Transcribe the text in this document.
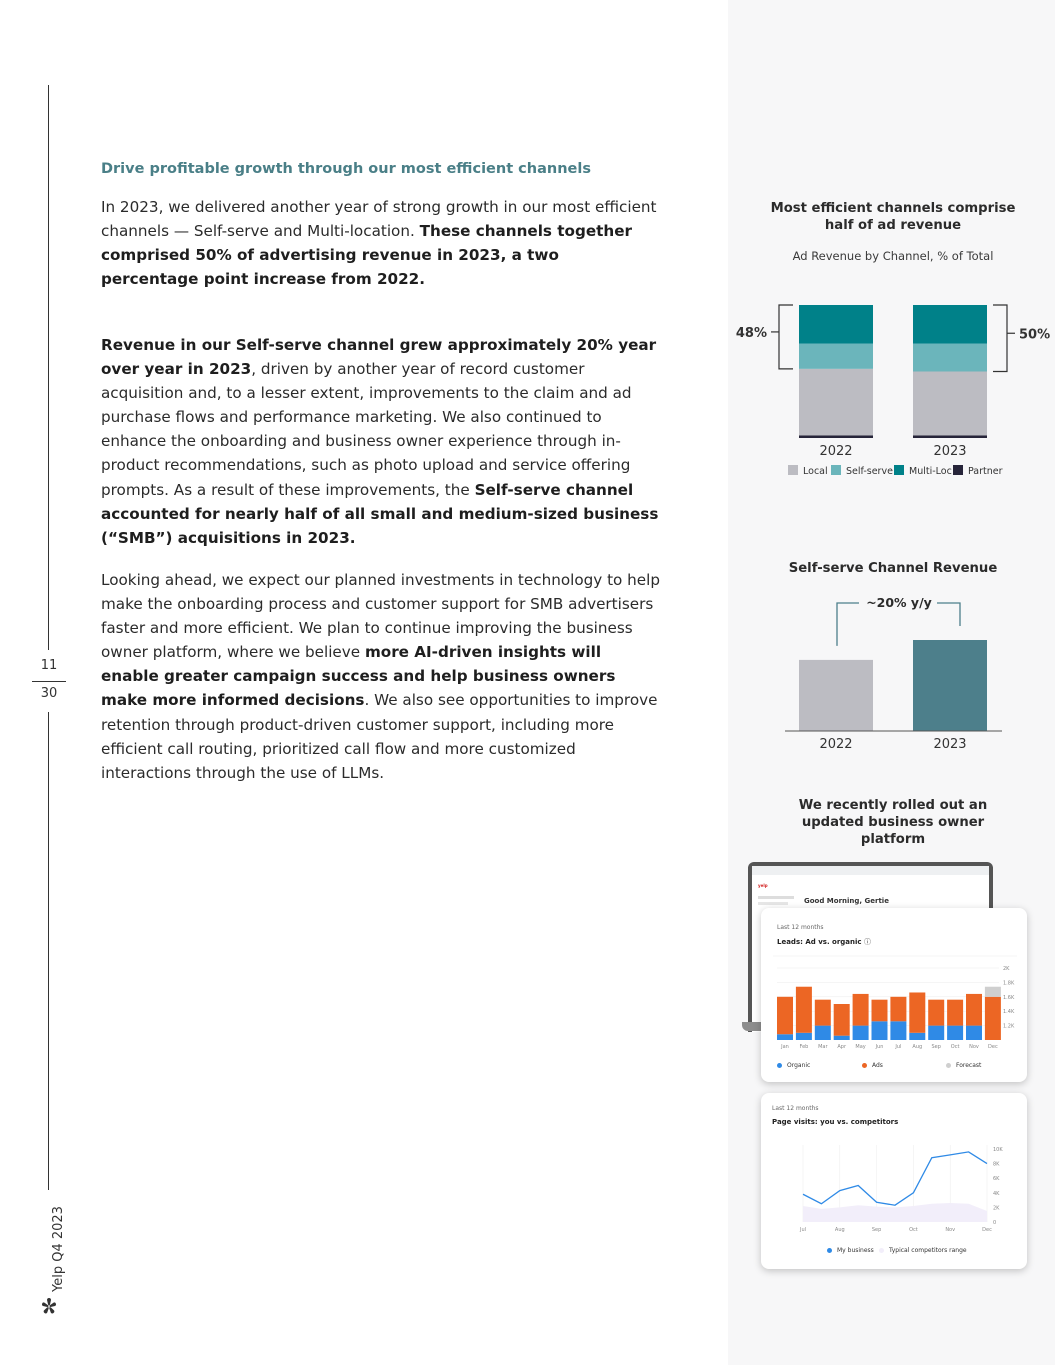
11
30
Yelp Q4 2023
Drive profitable growth through our most efficient channels

In 2023, we delivered another year of strong growth in our most efficient channels — Self-serve and Multi-location. These channels together comprised 50% of advertising revenue in 2023, a two percentage point increase from 2022.

Revenue in our Self-serve channel grew approximately 20% year over year in 2023, driven by another year of record customer acquisition and, to a lesser extent, improvements to the claim and ad purchase flows and performance marketing. We also continued to enhance the onboarding and business owner experience through in-product recommendations, such as photo upload and service offering prompts. As a result of these improvements, the Self-serve channel accounted for nearly half of all small and medium-sized business (“SMB”) acquisitions in 2023.

Looking ahead, we expect our planned investments in technology to help make the onboarding process and customer support for SMB advertisers faster and more efficient. We plan to continue improving the business owner platform, where we believe more AI-driven insights will enable greater campaign success and help business owners make more informed decisions. We also see opportunities to improve retention through product-driven customer support, including more efficient call routing, prioritized call flow and more customized interactions through the use of LLMs.

Most efficient channels comprise half of ad revenue
Ad Revenue by Channel, % of Total
Self-serve Channel Revenue
We recently rolled out an updated business owner platform
2022
48%
2023
50%
Local Self-serve Multi-Loc Partner
2022	2023
~20% y/y
yelp
Good Morning, Gertie
Last 12 months
Leads: Ad vs. organic ⓘ
2K
1.8K
1.6K
1.4K
1.2K
Jan Feb Mar Apr May Jun Jul Aug Sep Oct Nov Dec
Organic	Ads	Forecast
Last 12 months
Page visits: you vs. competitors
10K
8K
6K
4K
2K
0
Jul	Aug	Sep	Oct	Nov	Dec
My business	Typical competitors range
